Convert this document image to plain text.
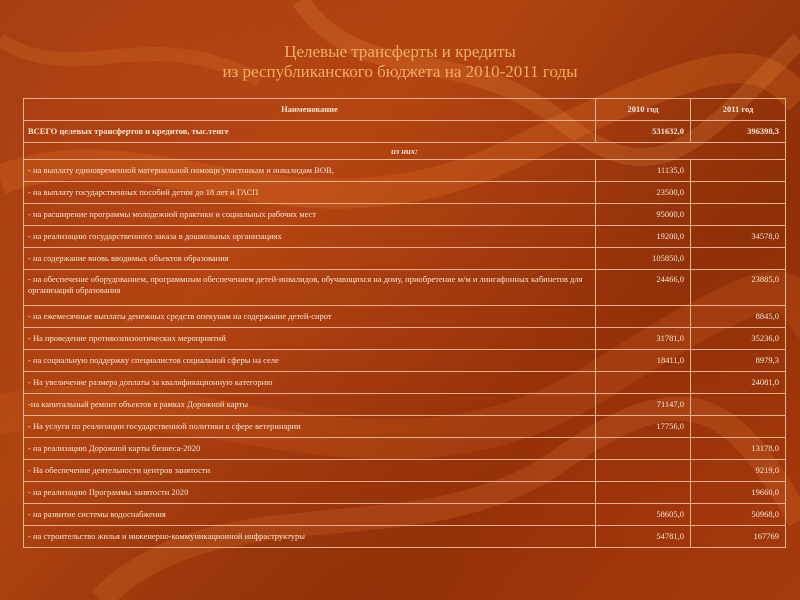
Целевые трансферты и кредиты
из республиканского бюджета на 2010-2011 годы
Наименование	2010 год	2011 год
ВСЕГО целевых трансфертов и кредитов, тыс.тенге	531632,0	396398,3
из них:		
- на выплату единовременной материальной помощи участникам и инвалидам ВОВ,	11135,0	
- на выплату государственных пособий детям до 18 лет и ГАСП	23500,0	
- на расширение программы молодежной практики и социальных рабочих мест	95000,0	
- на реализацию государственного заказа в дошкольных организациях	19200,0	34578,0
- на содержание вновь вводимых объектов образования	105850,0	
- на обеспечение оборудованием, программным обеспечением детей-инвалидов, обучающихся на дому, приобретение м/м и лингафонных кабинетов для организаций образования	24466,0	23885,0
- на ежемесячные выплаты денежных средств опекунам на содержание детей-сирот		8845,0
- На проведение противоэпизоотических мероприятий	31781,0	35236,0
- на социальную поддержку специалистов социальной сферы на селе	18411,0	8979,3
- На увеличение размера доплаты за квалификационную категорию		24081,0
-на капитальный ремонт объектов в рамках Дорожной карты	71147,0	
- На услуги по реализации государственной политики в сфере ветеринарии	17756,0	
- на реализацию Дорожной карты бизнеса-2020		13178,0
- На обеспечение деятельности центров занятости		9219,0
- на реализацию Программы занятости 2020		19660,0
- на развитие системы водоснабжения	58605,0	50968,0
- на строительство жилья и инженерно-коммуникационной инфраструктуры	54781,0	167769
